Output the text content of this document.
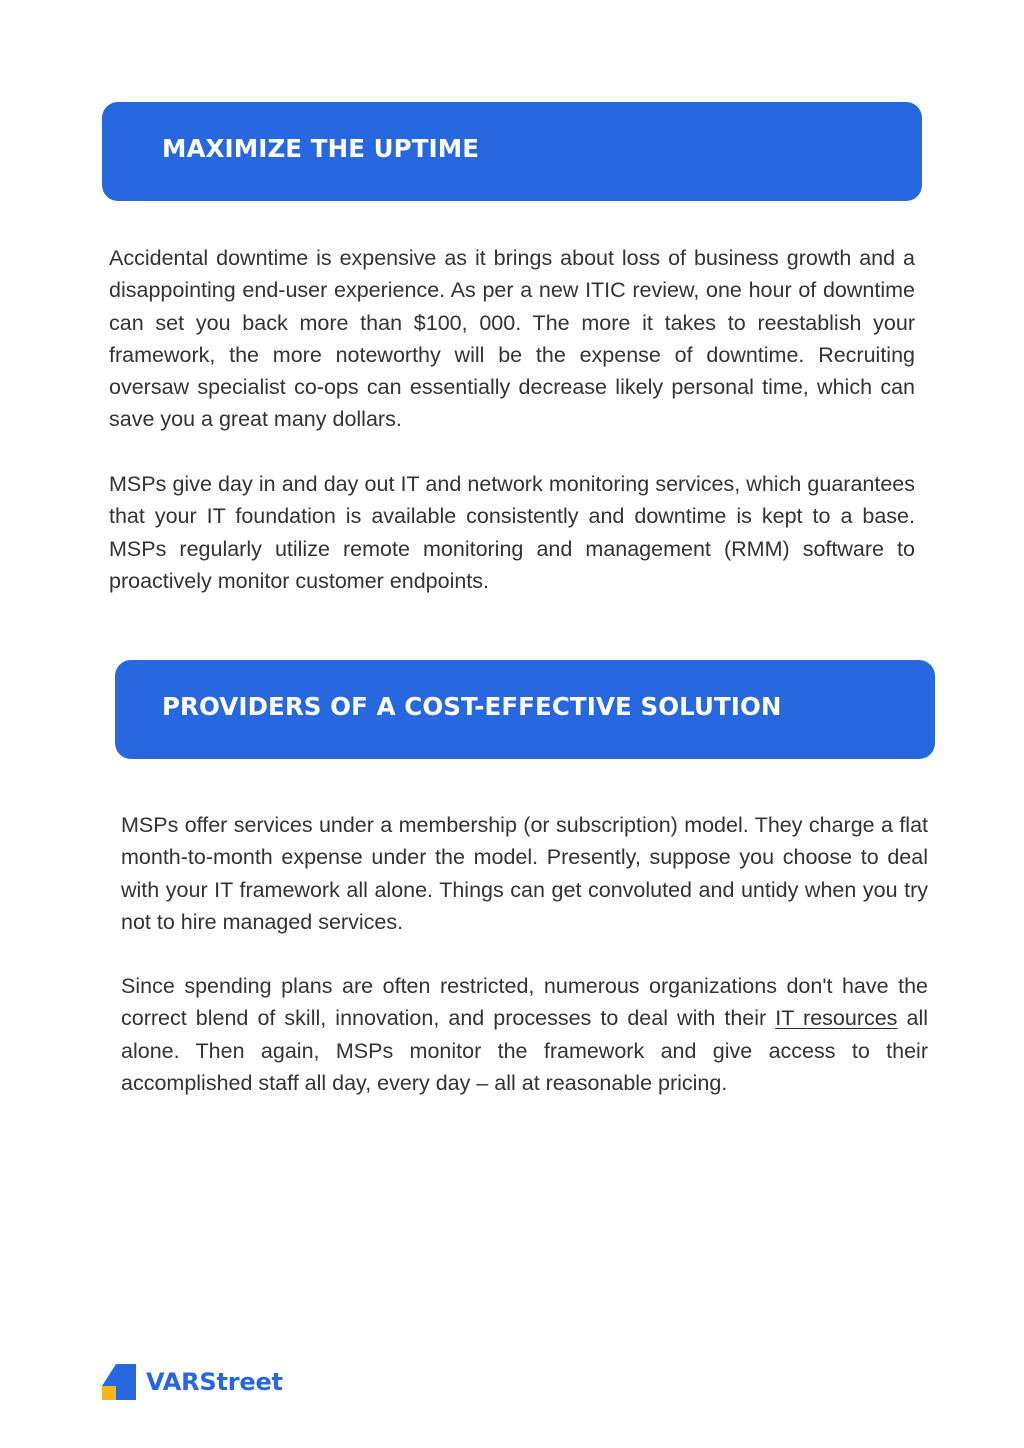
MAXIMIZE THE UPTIME

Accidental downtime is expensive as it brings about loss of business growth and a disappointing end-user experience. As per a new ITIC review, one hour of downtime can set you back more than $100, 000. The more it takes to reestablish your framework, the more noteworthy will be the expense of downtime. Recruiting oversaw specialist co-ops can essentially decrease likely personal time, which can save you a great many dollars.

MSPs give day in and day out IT and network monitoring services, which guarantees that your IT foundation is available consistently and downtime is kept to a base. MSPs regularly utilize remote monitoring and management (RMM) software to proactively monitor customer endpoints.

PROVIDERS OF A COST-EFFECTIVE SOLUTION

MSPs offer services under a membership (or subscription) model. They charge a flat month-to-month expense under the model. Presently, suppose you choose to deal with your IT framework all alone. Things can get convoluted and untidy when you try not to hire managed services.

Since spending plans are often restricted, numerous organizations don't have the correct blend of skill, innovation, and processes to deal with their IT resources all alone. Then again, MSPs monitor the framework and give access to their accomplished staff all day, every day – all at reasonable pricing.

VARStreet
